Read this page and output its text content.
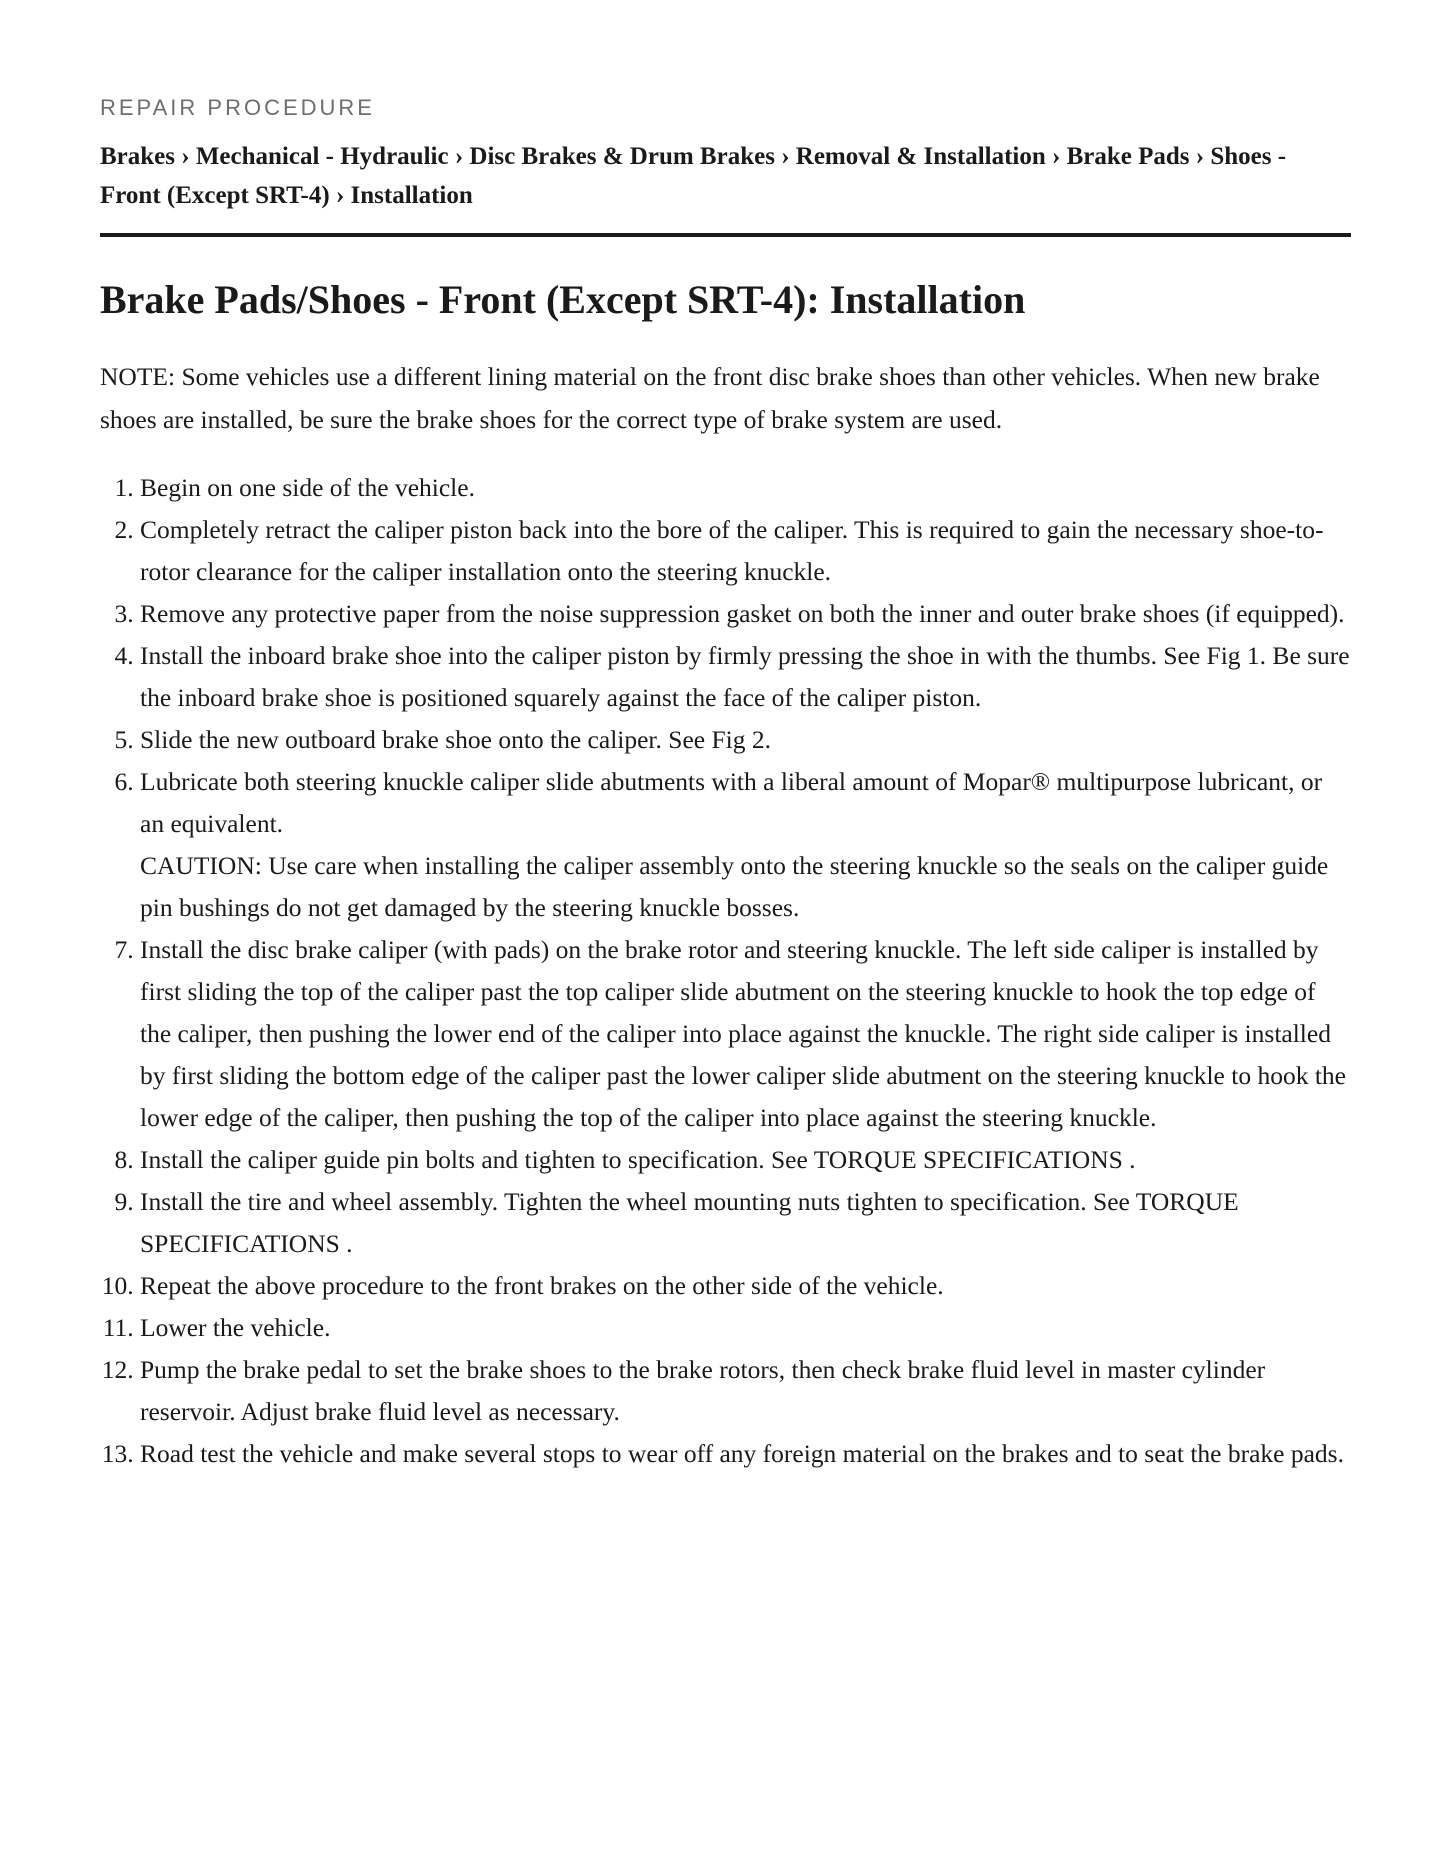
REPAIR PROCEDURE

Brakes › Mechanical - Hydraulic › Disc Brakes & Drum Brakes › Removal & Installation › Brake Pads › Shoes - Front (Except SRT-4) › Installation

Brake Pads/Shoes - Front (Except SRT-4): Installation

NOTE: Some vehicles use a different lining material on the front disc brake shoes than other vehicles. When new brake shoes are installed, be sure the brake shoes for the correct type of brake system are used.

1. Begin on one side of the vehicle.
2. Completely retract the caliper piston back into the bore of the caliper. This is required to gain the necessary shoe-to-rotor clearance for the caliper installation onto the steering knuckle.
3. Remove any protective paper from the noise suppression gasket on both the inner and outer brake shoes (if equipped).
4. Install the inboard brake shoe into the caliper piston by firmly pressing the shoe in with the thumbs. See Fig 1. Be sure the inboard brake shoe is positioned squarely against the face of the caliper piston.
5. Slide the new outboard brake shoe onto the caliper. See Fig 2.
6. Lubricate both steering knuckle caliper slide abutments with a liberal amount of Mopar® multipurpose lubricant, or an equivalent.
CAUTION: Use care when installing the caliper assembly onto the steering knuckle so the seals on the caliper guide pin bushings do not get damaged by the steering knuckle bosses.
7. Install the disc brake caliper (with pads) on the brake rotor and steering knuckle. The left side caliper is installed by first sliding the top of the caliper past the top caliper slide abutment on the steering knuckle to hook the top edge of the caliper, then pushing the lower end of the caliper into place against the knuckle. The right side caliper is installed by first sliding the bottom edge of the caliper past the lower caliper slide abutment on the steering knuckle to hook the lower edge of the caliper, then pushing the top of the caliper into place against the steering knuckle.
8. Install the caliper guide pin bolts and tighten to specification. See TORQUE SPECIFICATIONS .
9. Install the tire and wheel assembly. Tighten the wheel mounting nuts tighten to specification. See TORQUE SPECIFICATIONS .
10. Repeat the above procedure to the front brakes on the other side of the vehicle.
11. Lower the vehicle.
12. Pump the brake pedal to set the brake shoes to the brake rotors, then check brake fluid level in master cylinder reservoir. Adjust brake fluid level as necessary.
13. Road test the vehicle and make several stops to wear off any foreign material on the brakes and to seat the brake pads.
